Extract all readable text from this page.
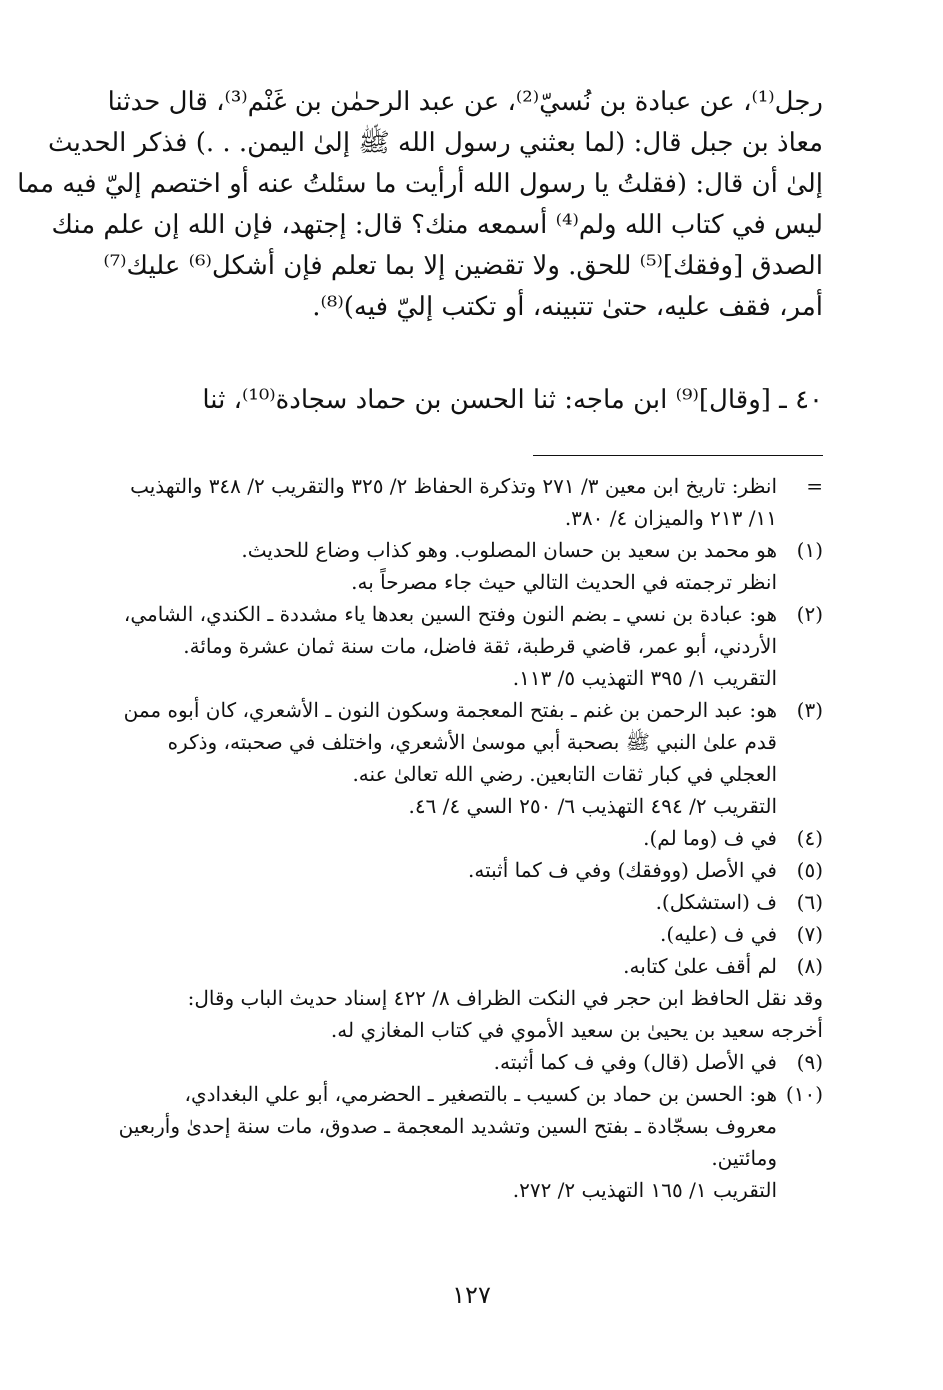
رجل⁽¹⁾، عن عبادة بن نُسيّ⁽²⁾، عن عبد الرحمٰن بن غَنْم⁽³⁾، قال حدثنا
معاذ بن جبل قال: (لما بعثني رسول الله ﷺ إلىٰ اليمن. . .) فذكر الحديث
إلىٰ أن قال: (فقلتُ يا رسول الله أرأيت ما سئلتُ عنه أو اختصم إليّ فيه مما
ليس في كتاب الله ولم⁽⁴⁾ أسمعه منك؟ قال: إجتهد، فإن الله إن علم منك
الصدق [وفقك]⁽⁵⁾ للحق. ولا تقضين إلا بما تعلم فإن أشكل⁽⁶⁾ عليك⁽⁷⁾
أمر، فقف عليه، حتىٰ تتبينه، أو تكتب إليّ فيه)⁽⁸⁾.
٤٠ ـ [وقال]⁽⁹⁾ ابن ماجه: ثنا الحسن بن حماد سجادة⁽¹⁰⁾، ثنا
=
انظر: تاريخ ابن معين ٣/ ٢٧١ وتذكرة الحفاظ ٢/ ٣٢٥ والتقريب ٢/ ٣٤٨ والتهذيب
١١/ ٢١٣ والميزان ٤/ ٣٨٠.
(١)
هو محمد بن سعيد بن حسان المصلوب. وهو كذاب وضاع للحديث.
انظر ترجمته في الحديث التالي حيث جاء مصرحاً به.
(٢)
هو: عبادة بن نسي ـ بضم النون وفتح السين بعدها ياء مشددة ـ الكندي، الشامي،
الأردني، أبو عمر، قاضي قرطبة، ثقة فاضل، مات سنة ثمان عشرة ومائة.
التقريب ١/ ٣٩٥ التهذيب ٥/ ١١٣.
(٣)
هو: عبد الرحمن بن غنم ـ بفتح المعجمة وسكون النون ـ الأشعري، كان أبوه ممن
قدم علىٰ النبي ﷺ بصحبة أبي موسىٰ الأشعري، واختلف في صحبته، وذكره
العجلي في كبار ثقات التابعين. رضي الله تعالىٰ عنه.
التقريب ٢/ ٤٩٤ التهذيب ٦/ ٢٥٠ السي ٤/ ٤٦.
(٤)
في ف (وما لم).
(٥)
في الأصل (ووفقك) وفي ف كما أثبته.
(٦)
ف (استشكل).
(٧)
في ف (عليه).
(٨)
لم أقف علىٰ كتابه.
وقد نقل الحافظ ابن حجر في النكت الظراف ٨/ ٤٢٢ إسناد حديث الباب وقال:
أخرجه سعيد بن يحيىٰ بن سعيد الأموي في كتاب المغازي له.
(٩)
في الأصل (قال) وفي ف كما أثبته.
(١٠)
هو: الحسن بن حماد بن كسيب ـ بالتصغير ـ الحضرمي، أبو علي البغدادي،
معروف بسجّادة ـ بفتح السين وتشديد المعجمة ـ صدوق، مات سنة إحدىٰ وأربعين
ومائتين.
التقريب ١/ ١٦٥ التهذيب ٢/ ٢٧٢.
١٢٧
